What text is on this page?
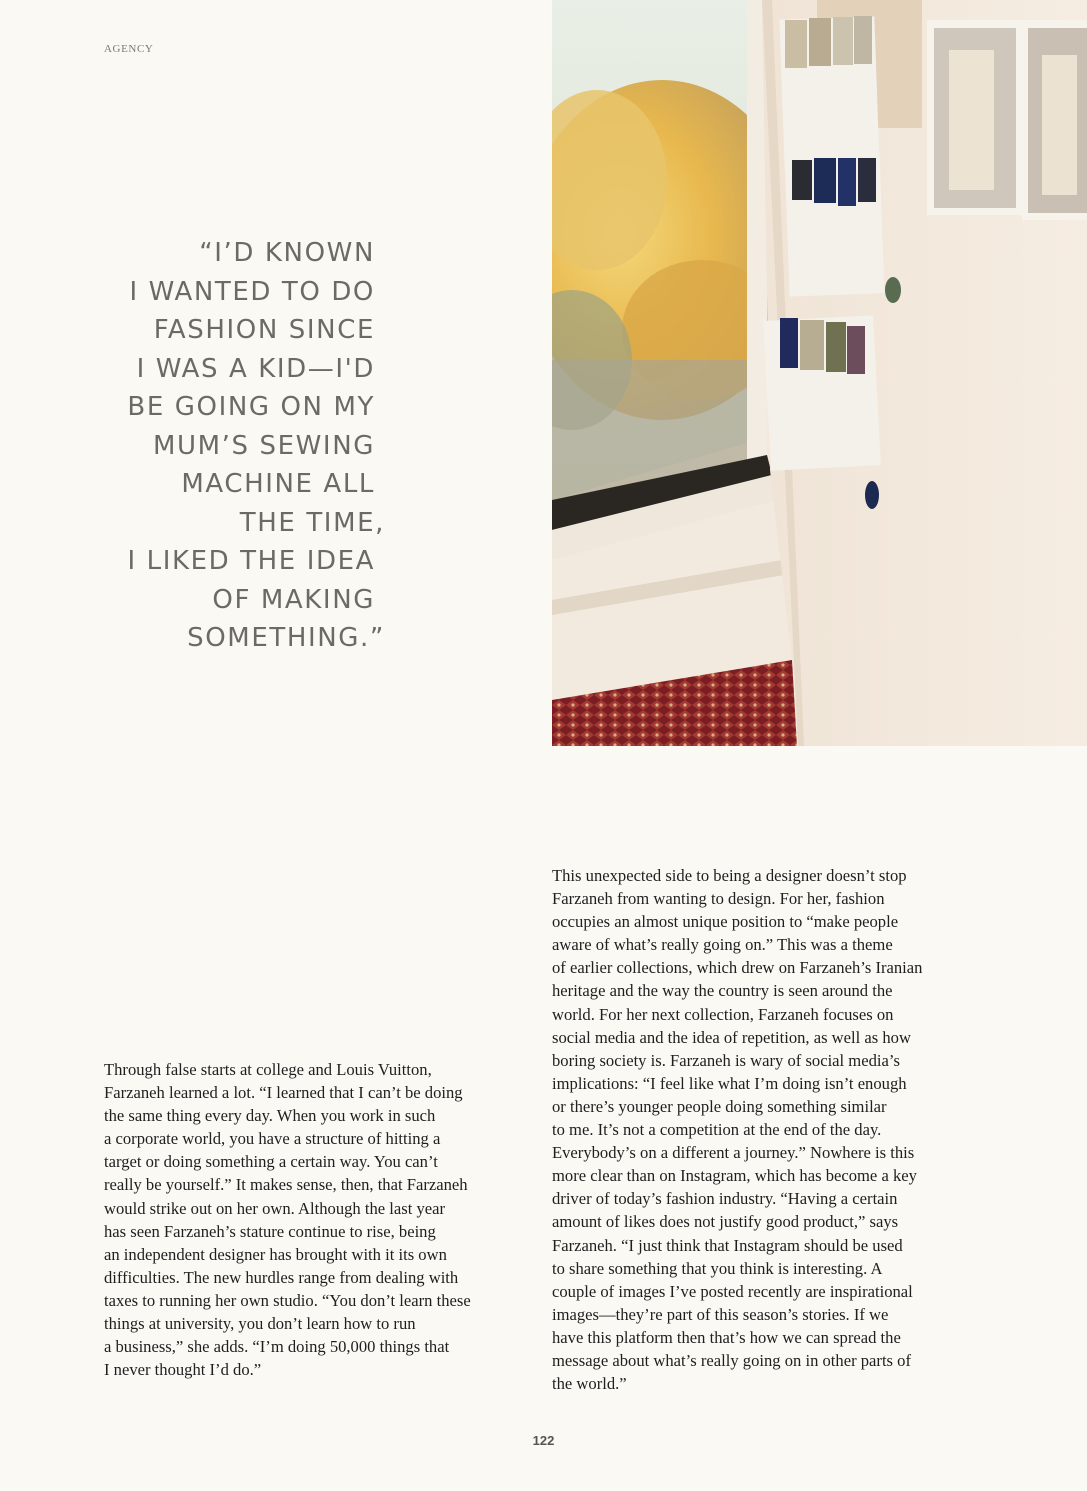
AGENCY
“I’D KNOWN
I WANTED TO DO
FASHION SINCE
I WAS A KID—I'D
BE GOING ON MY
MUM’S SEWING
MACHINE ALL
THE TIME,
I LIKED THE IDEA
OF MAKING
SOMETHING.”
Through false starts at college and Louis Vuitton,
Farzaneh learned a lot. “I learned that I can’t be doing
the same thing every day. When you work in such
a corporate world, you have a structure of hitting a
target or doing something a certain way. You can’t
really be yourself.” It makes sense, then, that Farzaneh
would strike out on her own. Although the last year
has seen Farzaneh’s stature continue to rise, being
an independent designer has brought with it its own
difficulties. The new hurdles range from dealing with
taxes to running her own studio. “You don’t learn these
things at university, you don’t learn how to run
a business,” she adds. “I’m doing 50,000 things that
I never thought I’d do.”
This unexpected side to being a designer doesn’t stop
Farzaneh from wanting to design. For her, fashion
occupies an almost unique position to “make people
aware of what’s really going on.” This was a theme
of earlier collections, which drew on Farzaneh’s Iranian
heritage and the way the country is seen around the
world. For her next collection, Farzaneh focuses on
social media and the idea of repetition, as well as how
boring society is. Farzaneh is wary of social media’s
implications: “I feel like what I’m doing isn’t enough
or there’s younger people doing something similar
to me. It’s not a competition at the end of the day.
Everybody’s on a different a journey.” Nowhere is this
more clear than on Instagram, which has become a key
driver of today’s fashion industry. “Having a certain
amount of likes does not justify good product,” says
Farzaneh. “I just think that Instagram should be used
to share something that you think is interesting. A
couple of images I’ve posted recently are inspirational
images—they’re part of this season’s stories. If we
have this platform then that’s how we can spread the
message about what’s really going on in other parts of
the world.”
122
